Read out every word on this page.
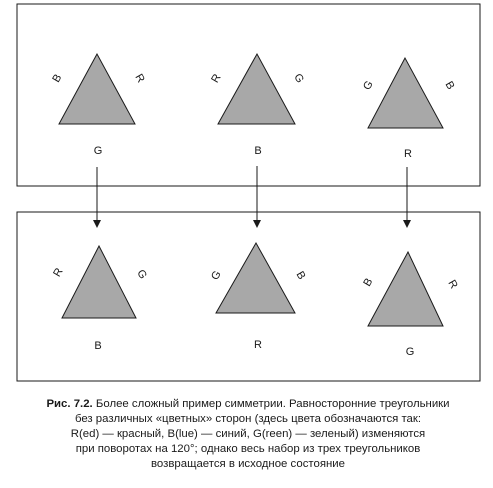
B	R
G
R	G
B
G	B
R
R	G
B
G	B
R
B	R
G
Рис. 7.2. Более сложный пример симметрии. Равносторонние треугольники
без различных «цветных» сторон (здесь цвета обозначаются так:
R(ed) — красный, B(lue) — синий, G(reen) — зеленый) изменяются
при поворотах на 120°; однако весь набор из трех треугольников
возвращается в исходное состояние
